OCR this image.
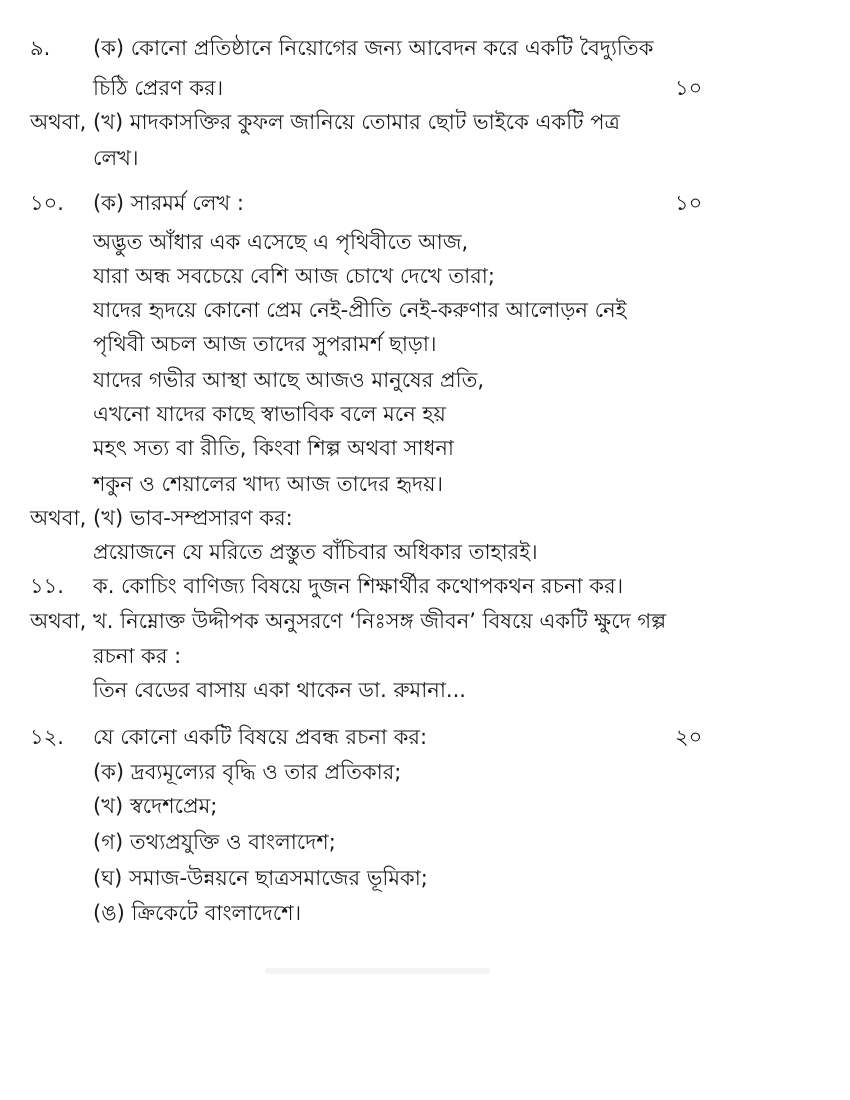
৯. (ক) কোনো প্রতিষ্ঠানে নিয়োগের জন্য আবেদন করে একটি বৈদ্যুতিক
চিঠি প্রেরণ কর।	১০
অথবা, (খ) মাদকাসক্তির কুফল জানিয়ে তোমার ছোট ভাইকে একটি পত্র
লেখ।
১০. (ক) সারমর্ম লেখ :	১০
অদ্ভুত আঁধার এক এসেছে এ পৃথিবীতে আজ,
যারা অন্ধ সবচেয়ে বেশি আজ চোখে দেখে তারা;
যাদের হৃদয়ে কোনো প্রেম নেই-প্রীতি নেই-করুণার আলোড়ন নেই
পৃথিবী অচল আজ তাদের সুপরামর্শ ছাড়া।
যাদের গভীর আস্থা আছে আজও মানুষের প্রতি,
এখনো যাদের কাছে স্বাভাবিক বলে মনে হয়
মহৎ সত্য বা রীতি, কিংবা শিল্প অথবা সাধনা
শকুন ও শেয়ালের খাদ্য আজ তাদের হৃদয়।
অথবা, (খ) ভাব-সম্প্রসারণ কর:
প্রয়োজনে যে মরিতে প্রস্তুত বাঁচিবার অধিকার তাহারই।
১১. ক. কোচিং বাণিজ্য বিষয়ে দুজন শিক্ষার্থীর কথোপকথন রচনা কর।
অথবা, খ. নিম্নোক্ত উদ্দীপক অনুসরণে ‘নিঃসঙ্গ জীবন’ বিষয়ে একটি ক্ষুদে গল্প
রচনা কর :
তিন বেডের বাসায় একা থাকেন ডা. রুমানা...
১২. যে কোনো একটি বিষয়ে প্রবন্ধ রচনা কর:	২০
(ক) দ্রব্যমূল্যের বৃদ্ধি ও তার প্রতিকার;
(খ) স্বদেশপ্রেম;
(গ) তথ্যপ্রযুক্তি ও বাংলাদেশ;
(ঘ) সমাজ-উন্নয়নে ছাত্রসমাজের ভূমিকা;
(ঙ) ক্রিকেটে বাংলাদেশে।
